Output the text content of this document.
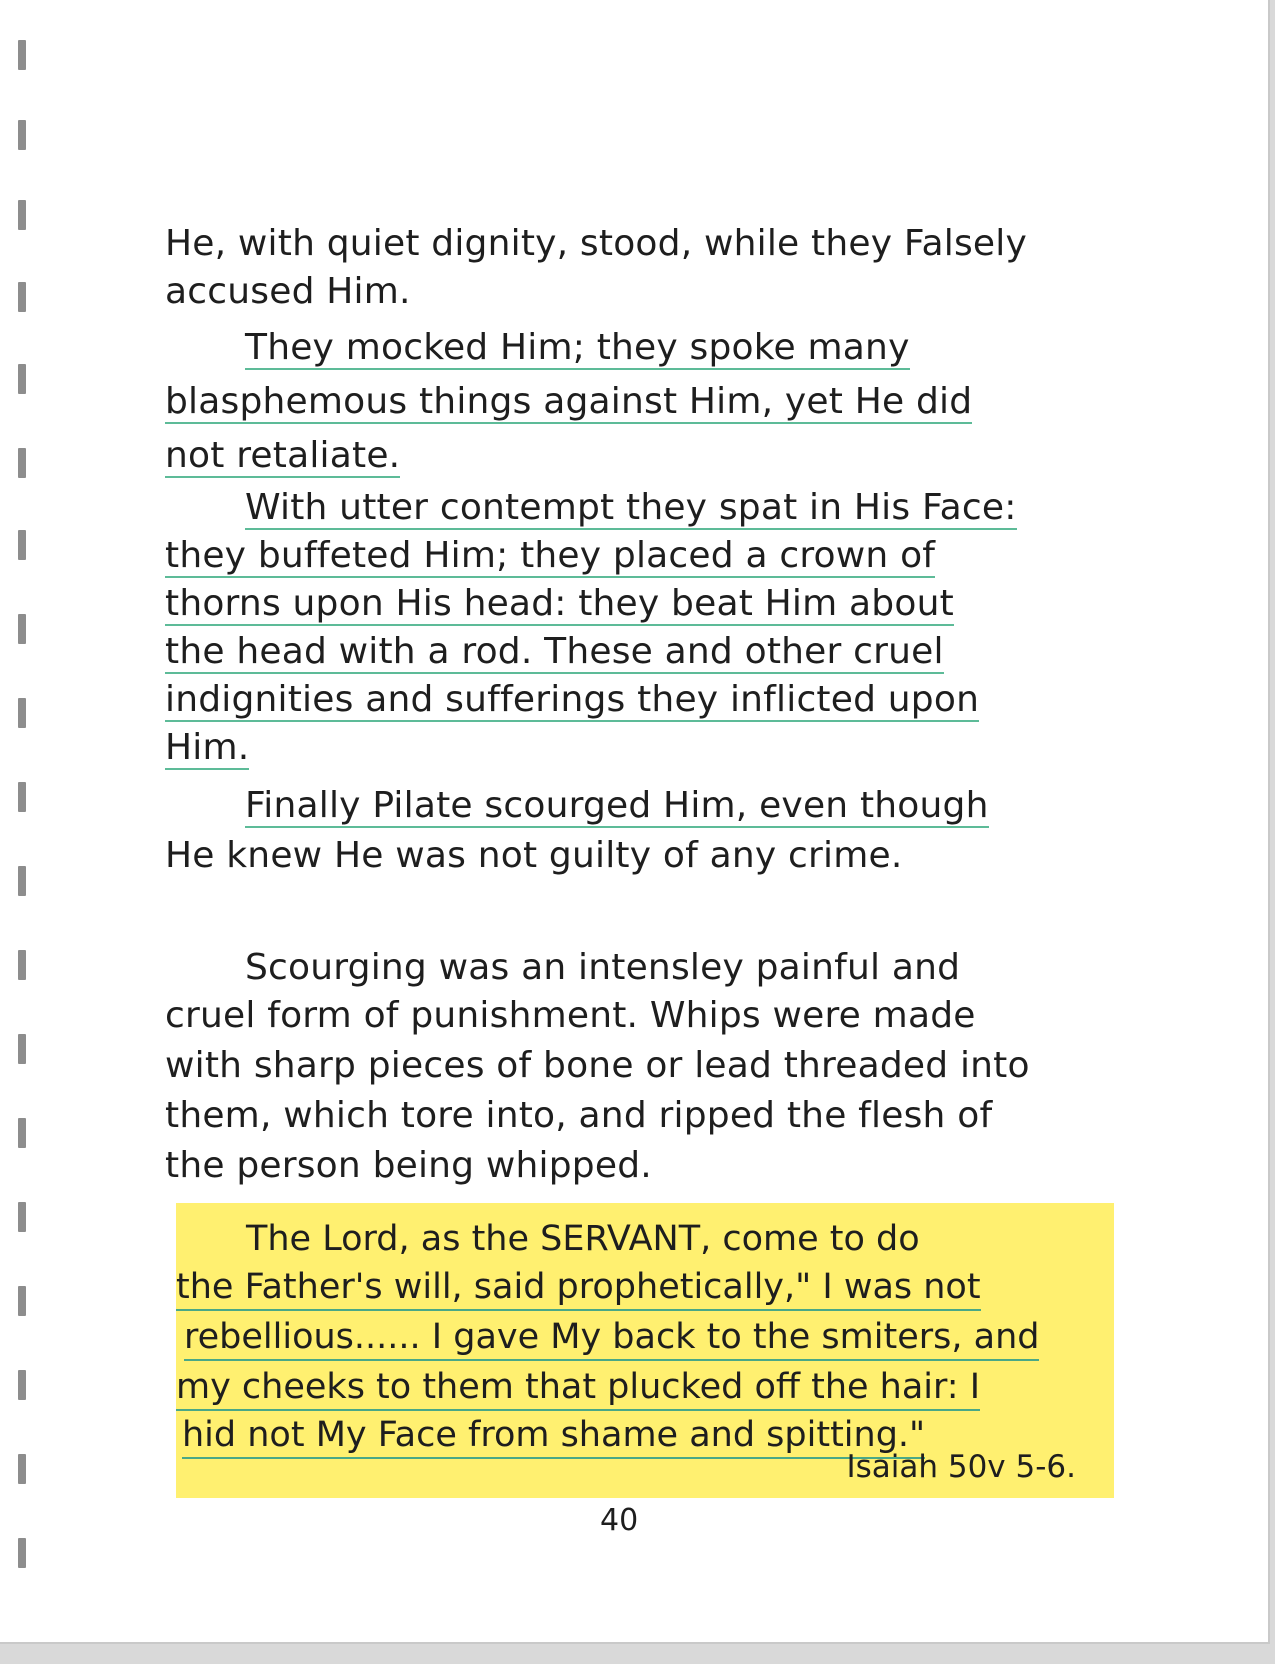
He, with quiet dignity, stood, while they Falsely
accused Him.
They mocked Him; they spoke many
blasphemous things against Him, yet He did
not retaliate.
With utter contempt they spat in His Face:
they buffeted Him; they placed a crown of
thorns upon His head: they beat Him about
the head with a rod. These and other cruel
indignities and sufferings they inflicted upon
Him.
Finally Pilate scourged Him, even though
He knew He was not guilty of any crime.
Scourging was an intensley painful and
cruel form of punishment. Whips were made
with sharp pieces of bone or lead threaded into
them, which tore into, and ripped the flesh of
the person being whipped.
The Lord, as the SERVANT, come to do
the Father's will, said prophetically," I was not
rebellious...... I gave My back to the smiters, and
my cheeks to them that plucked off the hair: I
hid not My Face from shame and spitting."
Isaiah 50v 5-6.
40
